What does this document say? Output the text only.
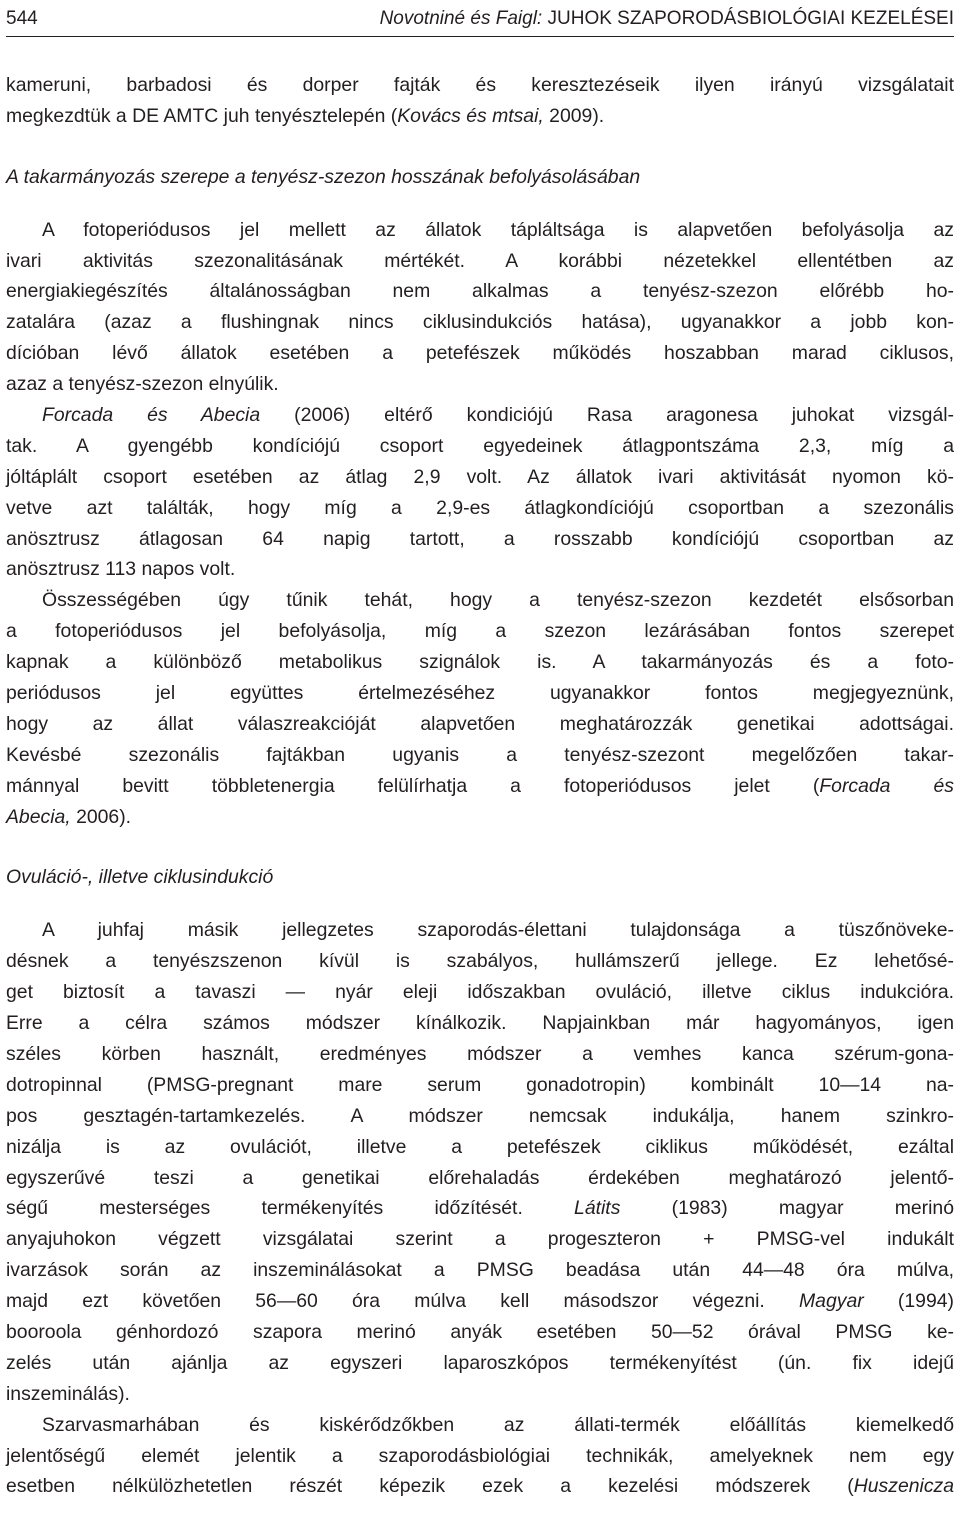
544	Novotniné és Faigl: JUHOK SZAPORODÁSBIOLÓGIAI KEZELÉSEI
kameruni, barbadosi és dorper fajták és keresztezéseik ilyen irányú vizsgálatait
megkezdtük a DE AMTC juh tenyésztelepén (Kovács és mtsai, 2009).
A takarmányozás szerepe a tenyész-szezon hosszának befolyásolásában
A fotoperiódusos jel mellett az állatok tápláltsága is alapvetően befolyásolja az
ivari aktivitás szezonalitásának mértékét. A korábbi nézetekkel ellentétben az
energiakiegészítés általánosságban nem alkalmas a tenyész-szezon előrébb ho-
zatalára (azaz a flushingnak nincs ciklusindukciós hatása), ugyanakkor a jobb kon-
dícióban lévő állatok esetében a petefészek működés hoszabban marad ciklusos,
azaz a tenyész-szezon elnyúlik.
Forcada és Abecia (2006) eltérő kondiciójú Rasa aragonesa juhokat vizsgál-
tak. A gyengébb kondíciójú csoport egyedeinek átlagpontszáma 2,3, míg a
jóltáplált csoport esetében az átlag 2,9 volt. Az állatok ivari aktivitását nyomon kö-
vetve azt találták, hogy míg a 2,9-es átlagkondíciójú csoportban a szezonális
anösztrusz átlagosan 64 napig tartott, a rosszabb kondíciójú csoportban az
anösztrusz 113 napos volt.
Összességében úgy tűnik tehát, hogy a tenyész-szezon kezdetét elsősorban
a fotoperiódusos jel befolyásolja, míg a szezon lezárásában fontos szerepet
kapnak a különböző metabolikus szignálok is. A takarmányozás és a foto-
periódusos jel együttes értelmezéséhez ugyanakkor fontos megjegyeznünk,
hogy az állat válaszreakcióját alapvetően meghatározzák genetikai adottságai.
Kevésbé szezonális fajtákban ugyanis a tenyész-szezont megelőzően takar-
mánnyal bevitt többletenergia felülírhatja a fotoperiódusos jelet (Forcada és
Abecia, 2006).
Ovuláció-, illetve ciklusindukció
A juhfaj másik jellegzetes szaporodás-élettani tulajdonsága a tüszőnöveke-
désnek a tenyészszenon kívül is szabályos, hullámszerű jellege. Ez lehetősé-
get biztosít a tavaszi — nyár eleji időszakban ovuláció, illetve ciklus indukcióra.
Erre a célra számos módszer kínálkozik. Napjainkban már hagyományos, igen
széles körben használt, eredményes módszer a vemhes kanca szérum-gona-
dotropinnal (PMSG-pregnant mare serum gonadotropin) kombinált 10—14 na-
pos gesztagén-tartamkezelés. A módszer nemcsak indukálja, hanem szinkro-
nizálja is az ovulációt, illetve a petefészek ciklikus működését, ezáltal
egyszerűvé teszi a genetikai előrehaladás érdekében meghatározó jelentő-
ségű mesterséges termékenyítés időzítését. Látits (1983) magyar merinó
anyajuhokon végzett vizsgálatai szerint a progeszteron + PMSG-vel indukált
ivarzások során az inszeminálásokat a PMSG beadása után 44—48 óra múlva,
majd ezt követően 56—60 óra múlva kell másodszor végezni. Magyar (1994)
booroola génhordozó szapora merinó anyák esetében 50—52 órával PMSG ke-
zelés után ajánlja az egyszeri laparoszkópos termékenyítést (ún. fix idejű
inszeminálás).
Szarvasmarhában és kiskérődzőkben az állati-termék előállítás kiemelkedő
jelentőségű elemét jelentik a szaporodásbiológiai technikák, amelyeknek nem egy
esetben nélkülözhetetlen részét képezik ezek a kezelési módszerek (Huszenicza
